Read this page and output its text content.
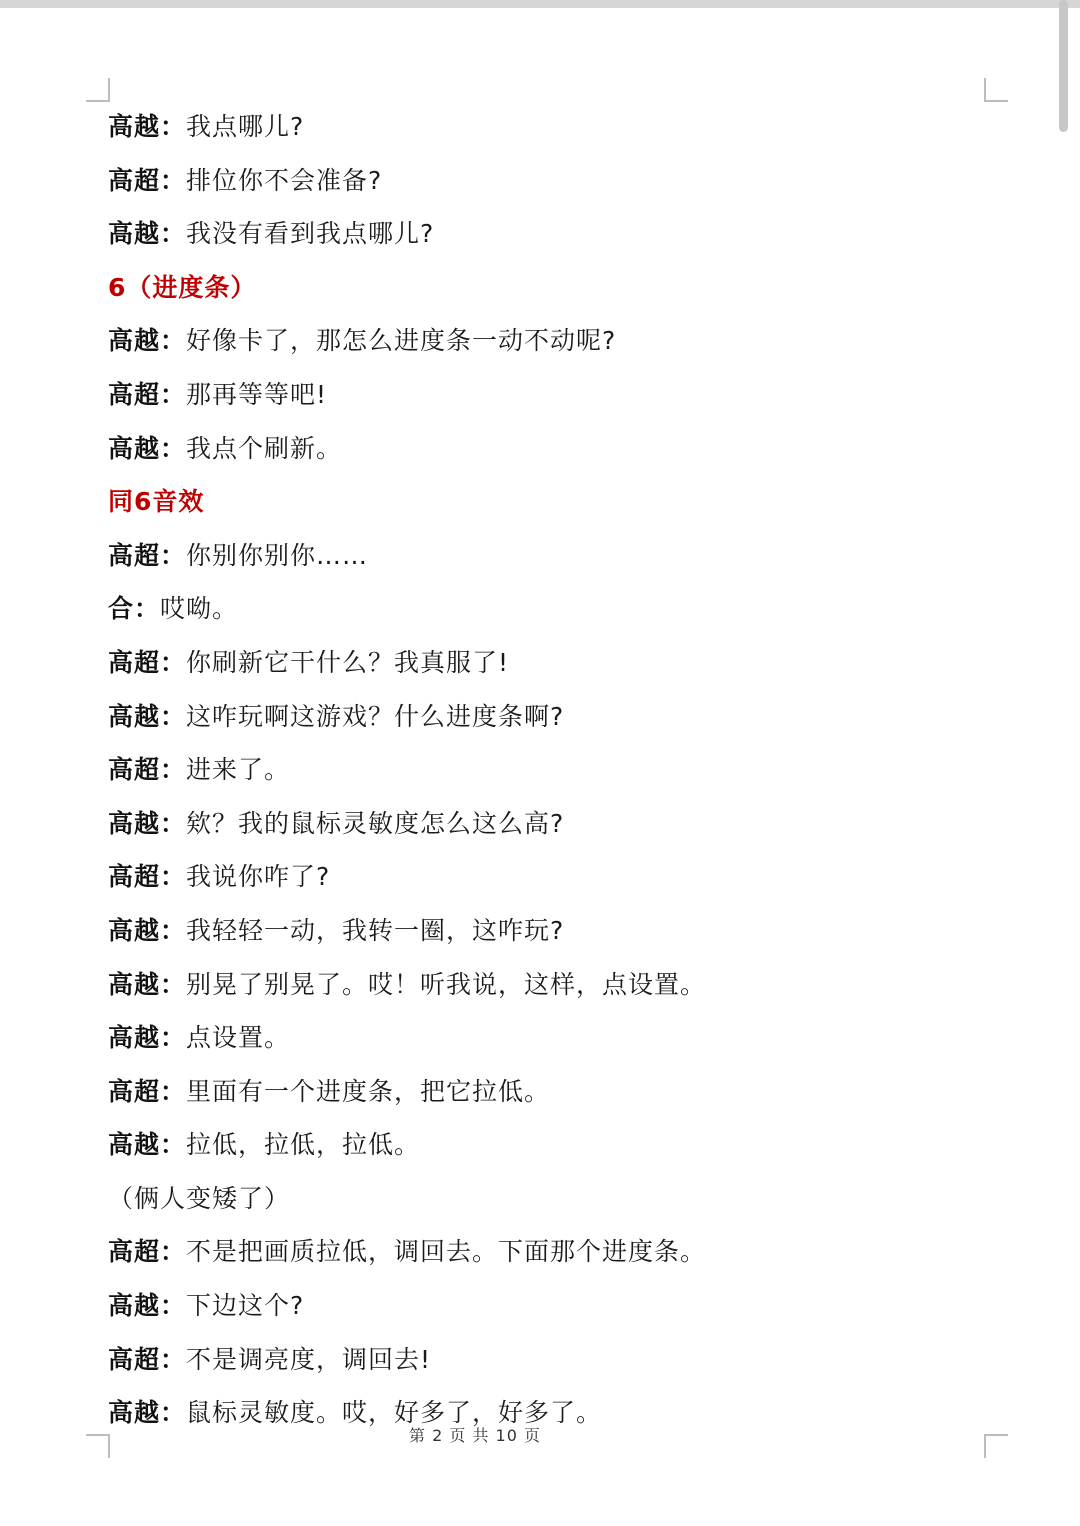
高越：我点哪儿?
高超：排位你不会准备?
高越：我没有看到我点哪儿?
6（进度条）
高越：好像卡了，那怎么进度条一动不动呢?
高超：那再等等吧!
高越：我点个刷新。
同6音效
高超：你别你别你……
合：哎呦。
高超：你刷新它干什么？我真服了!
高越：这咋玩啊这游戏？什么进度条啊?
高超：进来了。
高越：欸？我的鼠标灵敏度怎么这么高?
高超：我说你咋了?
高越：我轻轻一动，我转一圈，这咋玩?
高越：别晃了别晃了。哎！听我说，这样，点设置。
高越：点设置。
高超：里面有一个进度条，把它拉低。
高越：拉低，拉低，拉低。
（俩人变矮了）
高超：不是把画质拉低，调回去。下面那个进度条。
高越：下边这个?
高超：不是调亮度，调回去!
高越：鼠标灵敏度。哎，好多了，好多了。
第 2 页 共 10 页
